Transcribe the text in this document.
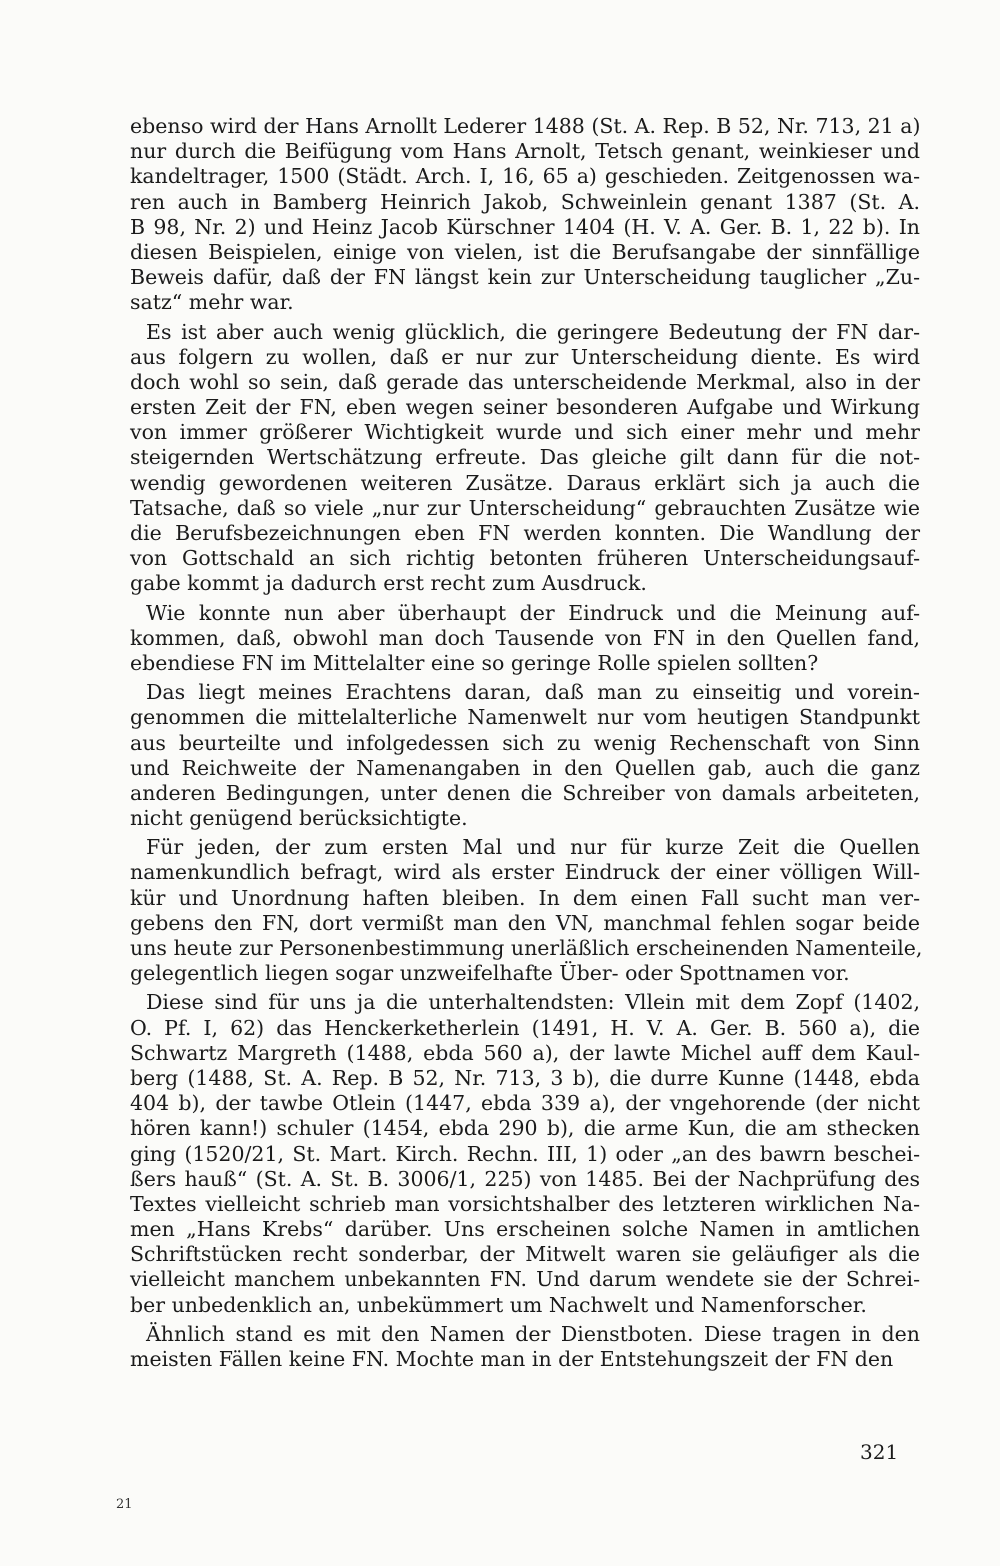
ebenso wird der Hans Arnollt Lederer 1488 (St. A. Rep. B 52, Nr. 713, 21 a)
nur durch die Beifügung vom Hans Arnolt, Tetsch genant, weinkieser und
kandeltrager, 1500 (Städt. Arch. I, 16, 65 a) geschieden. Zeitgenossen wa-
ren auch in Bamberg Heinrich Jakob, Schweinlein genant 1387 (St. A.
B 98, Nr. 2) und Heinz Jacob Kürschner 1404 (H. V. A. Ger. B. 1, 22 b). In
diesen Beispielen, einige von vielen, ist die Berufsangabe der sinnfällige
Beweis dafür, daß der FN längst kein zur Unterscheidung tauglicher „Zu-
satz“ mehr war.
Es ist aber auch wenig glücklich, die geringere Bedeutung der FN dar-
aus folgern zu wollen, daß er nur zur Unterscheidung diente. Es wird
doch wohl so sein, daß gerade das unterscheidende Merkmal, also in der
ersten Zeit der FN, eben wegen seiner besonderen Aufgabe und Wirkung
von immer größerer Wichtigkeit wurde und sich einer mehr und mehr
steigernden Wertschätzung erfreute. Das gleiche gilt dann für die not-
wendig gewordenen weiteren Zusätze. Daraus erklärt sich ja auch die
Tatsache, daß so viele „nur zur Unterscheidung“ gebrauchten Zusätze wie
die Berufsbezeichnungen eben FN werden konnten. Die Wandlung der
von Gottschald an sich richtig betonten früheren Unterscheidungsauf-
gabe kommt ja dadurch erst recht zum Ausdruck.
Wie konnte nun aber überhaupt der Eindruck und die Meinung auf-
kommen, daß, obwohl man doch Tausende von FN in den Quellen fand,
ebendiese FN im Mittelalter eine so geringe Rolle spielen sollten?
Das liegt meines Erachtens daran, daß man zu einseitig und vorein-
genommen die mittelalterliche Namenwelt nur vom heutigen Standpunkt
aus beurteilte und infolgedessen sich zu wenig Rechenschaft von Sinn
und Reichweite der Namenangaben in den Quellen gab, auch die ganz
anderen Bedingungen, unter denen die Schreiber von damals arbeiteten,
nicht genügend berücksichtigte.
Für jeden, der zum ersten Mal und nur für kurze Zeit die Quellen
namenkundlich befragt, wird als erster Eindruck der einer völligen Will-
kür und Unordnung haften bleiben. In dem einen Fall sucht man ver-
gebens den FN, dort vermißt man den VN, manchmal fehlen sogar beide
uns heute zur Personenbestimmung unerläßlich erscheinenden Namenteile,
gelegentlich liegen sogar unzweifelhafte Über- oder Spottnamen vor.
Diese sind für uns ja die unterhaltendsten: Vllein mit dem Zopf (1402,
O. Pf. I, 62) das Henckerketherlein (1491, H. V. A. Ger. B. 560 a), die
Schwartz Margreth (1488, ebda 560 a), der lawte Michel auff dem Kaul-
berg (1488, St. A. Rep. B 52, Nr. 713, 3 b), die durre Kunne (1448, ebda
404 b), der tawbe Otlein (1447, ebda 339 a), der vngehorende (der nicht
hören kann!) schuler (1454, ebda 290 b), die arme Kun, die am sthecken
ging (1520/21, St. Mart. Kirch. Rechn. III, 1) oder „an des bawrn beschei-
ßers hauß“ (St. A. St. B. 3006/1, 225) von 1485. Bei der Nachprüfung des
Textes vielleicht schrieb man vorsichtshalber des letzteren wirklichen Na-
men „Hans Krebs“ darüber. Uns erscheinen solche Namen in amtlichen
Schriftstücken recht sonderbar, der Mitwelt waren sie geläufiger als die
vielleicht manchem unbekannten FN. Und darum wendete sie der Schrei-
ber unbedenklich an, unbekümmert um Nachwelt und Namenforscher.
Ähnlich stand es mit den Namen der Dienstboten. Diese tragen in den
meisten Fällen keine FN. Mochte man in der Entstehungszeit der FN den
321
21
